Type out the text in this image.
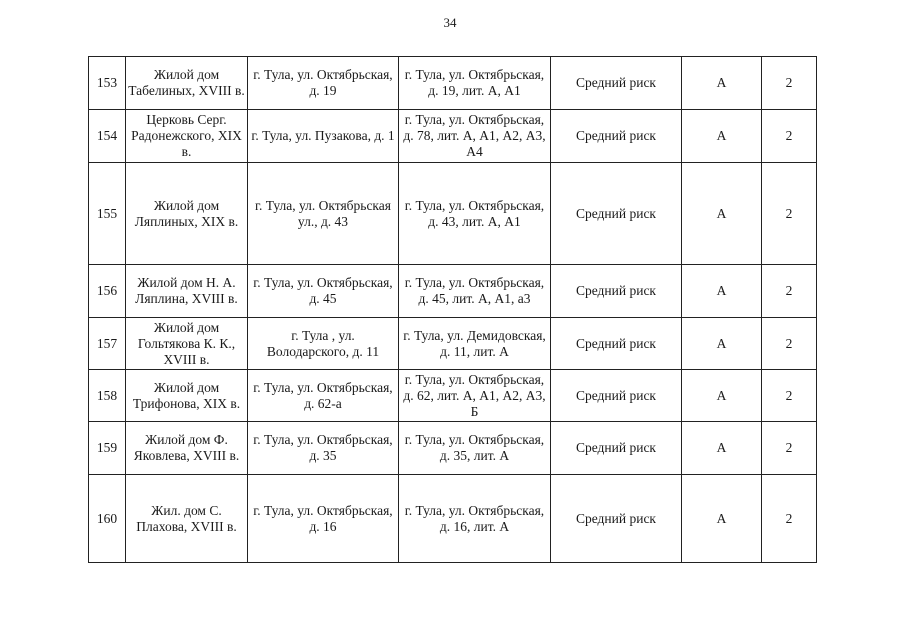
34
153	Жилой дом Табелиных, XVIII в.	г. Тула, ул. Октябрьская, д. 19	г. Тула, ул. Октябрьская, д. 19, лит. А, А1	Средний риск	А	2
154	Церковь Серг. Радонежского, XIX в.	г. Тула, ул. Пузакова, д. 1	г. Тула, ул. Октябрьская, д. 78, лит. А, А1, А2, А3, А4	Средний риск	А	2
155	Жилой дом Ляплиных, XIX в.	г. Тула, ул. Октябрьская ул., д. 43	г. Тула, ул. Октябрьская, д. 43, лит. А, А1	Средний риск	А	2
156	Жилой дом Н. А. Ляплина, XVIII в.	г. Тула, ул. Октябрьская, д. 45	г. Тула, ул. Октябрьская, д. 45, лит. А, А1, а3	Средний риск	А	2
157	Жилой дом Гольтякова К. К., XVIII в.	г. Тула , ул. Володарского, д. 11	г. Тула, ул. Демидовская, д. 11, лит. А	Средний риск	А	2
158	Жилой дом Трифонова, XIX в.	г. Тула, ул. Октябрьская, д. 62-а	г. Тула, ул. Октябрьская, д. 62, лит. А, А1, А2, А3, Б	Средний риск	А	2
159	Жилой дом Ф. Яковлева, XVIII в.	г. Тула, ул. Октябрьская, д. 35	г. Тула, ул. Октябрьская, д. 35, лит. А	Средний риск	А	2
160	Жил. дом С. Плахова, XVIII в.	г. Тула, ул. Октябрьская, д. 16	г. Тула, ул. Октябрьская, д. 16, лит. А	Средний риск	А	2
